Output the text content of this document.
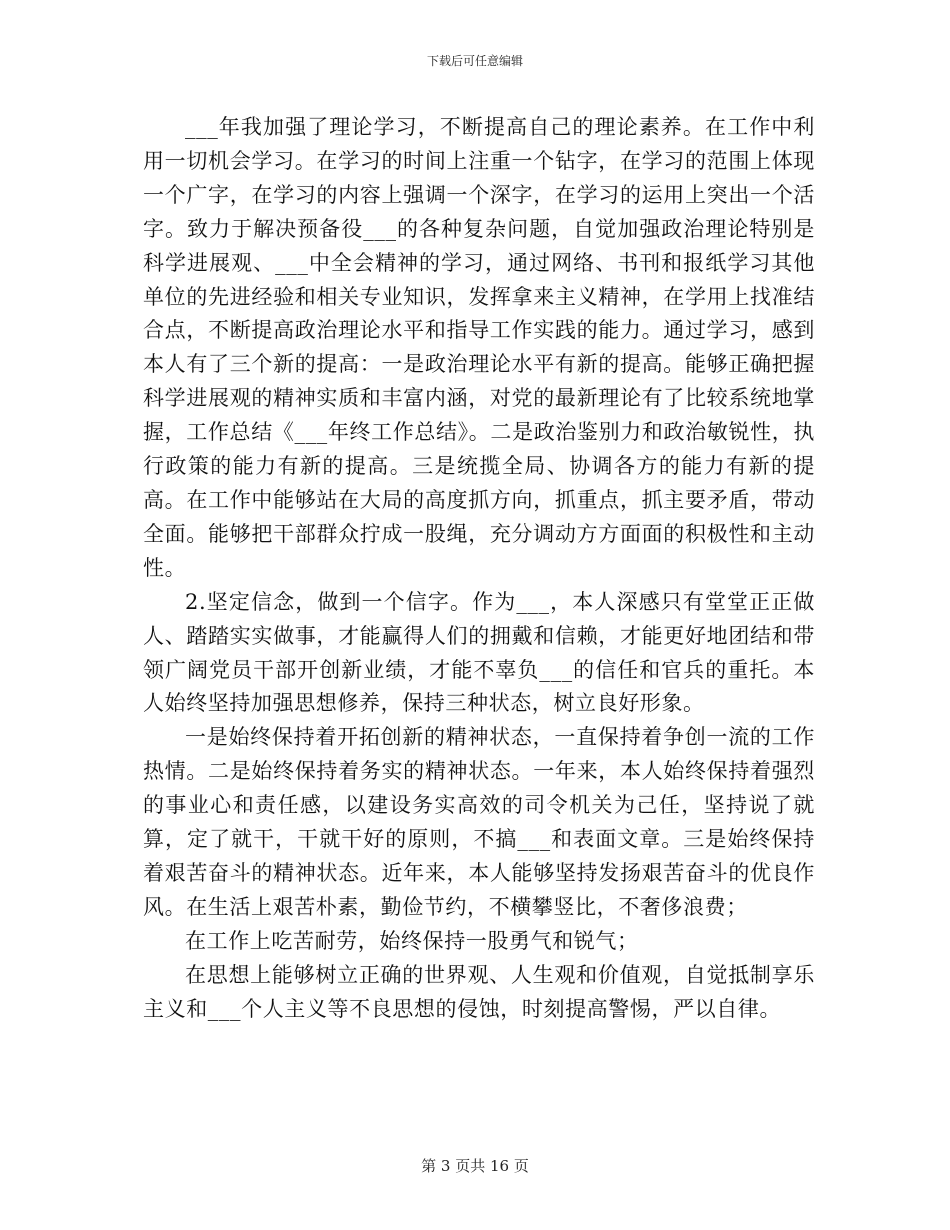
下载后可任意编辑

___年我加强了理论学习，不断提高自己的理论素养。在工作中利用一切机会学习。在学习的时间上注重一个钻字，在学习的范围上体现一个广字，在学习的内容上强调一个深字，在学习的运用上突出一个活字。致力于解决预备役___的各种复杂问题，自觉加强政治理论特别是科学进展观、___中全会精神的学习，通过网络、书刊和报纸学习其他单位的先进经验和相关专业知识，发挥拿来主义精神，在学用上找准结合点，不断提高政治理论水平和指导工作实践的能力。通过学习，感到本人有了三个新的提高：一是政治理论水平有新的提高。能够正确把握科学进展观的精神实质和丰富内涵，对党的最新理论有了比较系统地掌握，工作总结《___年终工作总结》。二是政治鉴别力和政治敏锐性，执行政策的能力有新的提高。三是统揽全局、协调各方的能力有新的提高。在工作中能够站在大局的高度抓方向，抓重点，抓主要矛盾，带动全面。能够把干部群众拧成一股绳，充分调动方方面面的积极性和主动性。

2.坚定信念，做到一个信字。作为___，本人深感只有堂堂正正做人、踏踏实实做事，才能赢得人们的拥戴和信赖，才能更好地团结和带领广阔党员干部开创新业绩，才能不辜负___的信任和官兵的重托。本人始终坚持加强思想修养，保持三种状态，树立良好形象。

一是始终保持着开拓创新的精神状态，一直保持着争创一流的工作热情。二是始终保持着务实的精神状态。一年来，本人始终保持着强烈的事业心和责任感，以建设务实高效的司令机关为己任，坚持说了就算，定了就干，干就干好的原则，不搞___和表面文章。三是始终保持着艰苦奋斗的精神状态。近年来，本人能够坚持发扬艰苦奋斗的优良作风。在生活上艰苦朴素，勤俭节约，不横攀竖比，不奢侈浪费；

在工作上吃苦耐劳，始终保持一股勇气和锐气；

在思想上能够树立正确的世界观、人生观和价值观，自觉抵制享乐主义和___个人主义等不良思想的侵蚀，时刻提高警惕，严以自律。

第 3 页共 16 页
